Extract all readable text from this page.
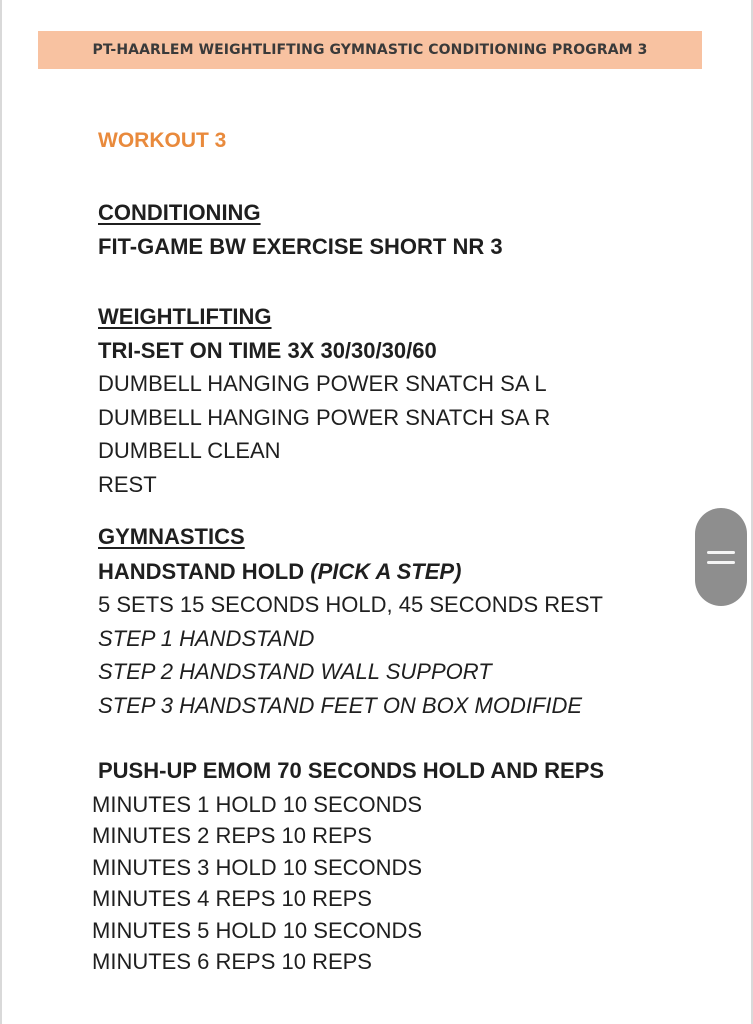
PT-HAARLEM WEIGHTLIFTING GYMNASTIC CONDITIONING PROGRAM 3
WORKOUT 3
CONDITIONING
FIT-GAME BW EXERCISE SHORT NR 3
WEIGHTLIFTING
TRI-SET ON TIME 3X 30/30/30/60
DUMBELL HANGING POWER SNATCH SA L
DUMBELL HANGING POWER SNATCH SA R
DUMBELL CLEAN
REST
GYMNASTICS
HANDSTAND HOLD (PICK A STEP)
5 SETS 15 SECONDS HOLD, 45 SECONDS REST
STEP 1 HANDSTAND
STEP 2 HANDSTAND WALL SUPPORT
STEP 3 HANDSTAND FEET ON BOX MODIFIDE
PUSH-UP EMOM 70 SECONDS HOLD AND REPS
MINUTES 1 HOLD 10 SECONDS
MINUTES 2 REPS 10 REPS
MINUTES 3 HOLD 10 SECONDS
MINUTES 4 REPS 10 REPS
MINUTES 5 HOLD 10 SECONDS
MINUTES 6 REPS 10 REPS
